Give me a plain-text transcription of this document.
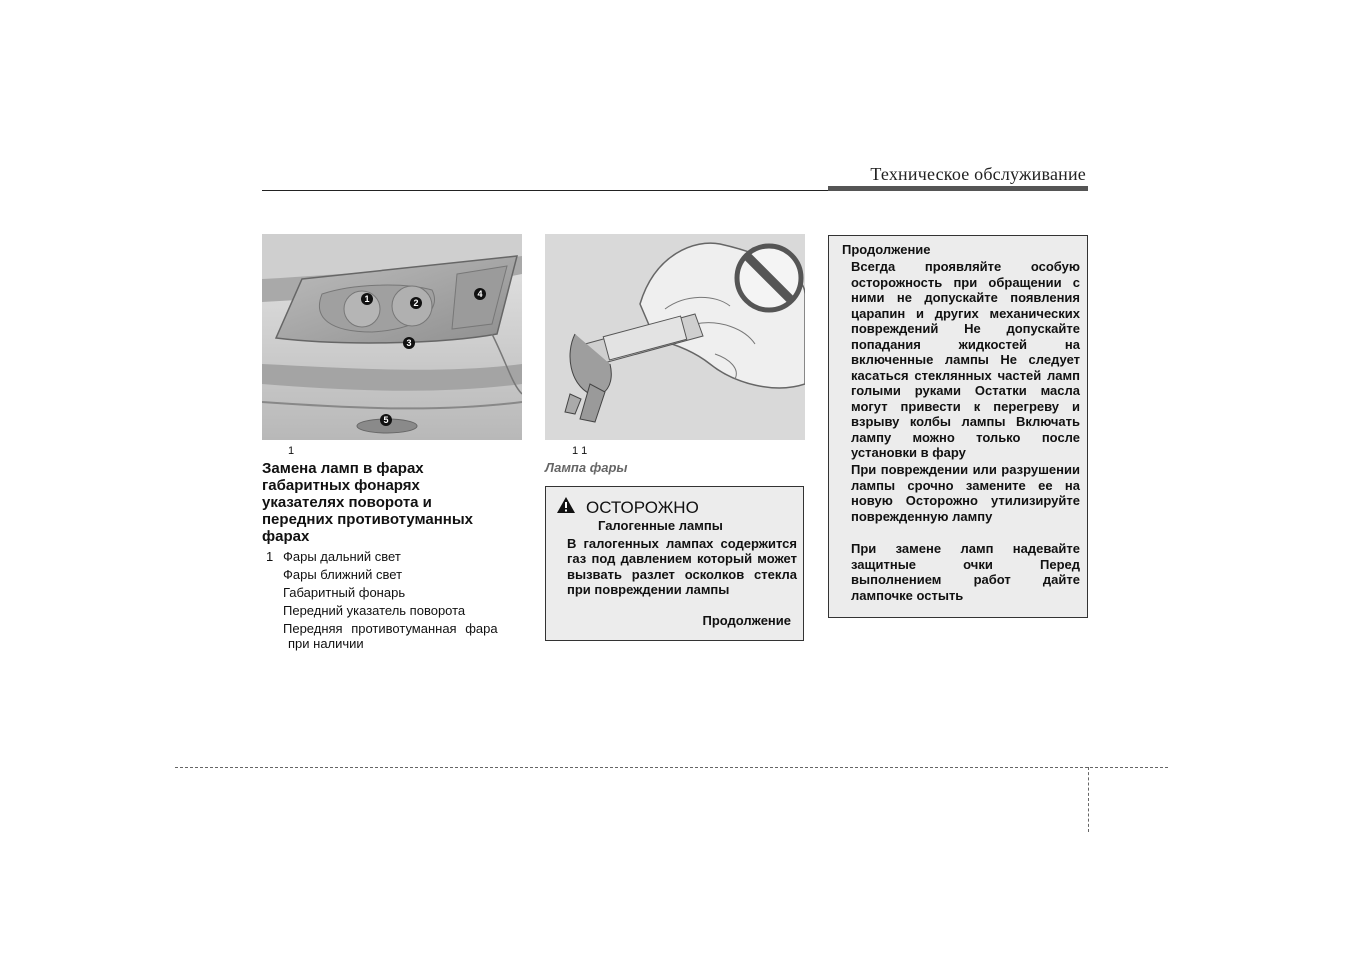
Техническое обслуживание
1	2
3
4
5
1	1 1
Лампа фары
Замена ламп в фарах
габаритных фонарях
указателях поворота и
передних противотуманных
фарах
1 Фары дальний свет
Фары ближний свет
Габаритный фонарь
Передний указатель поворота
Передняя противотуманная фара
при наличии
ОСТОРОЖНО
Галогенные лампы
В галогенных лампах содержится газ под давлением который может вызвать разлет осколков стекла при повреждении лампы
Продолжение
Продолжение
Всегда проявляйте особую осторожность при обращении с ними не допускайте появления царапин и других механических повреждений Не допускайте попадания жидкостей на включенные лампы Не следует касаться стеклянных частей ламп голыми руками Остатки масла могут привести к перегреву и взрыву колбы лампы Включать лампу можно только после установки в фару
При повреждении или разрушении лампы срочно замените ее на новую Осторожно утилизируйте поврежденную лампу
При замене ламп надевайте защитные очки Перед выполнением работ дайте лампочке остыть
